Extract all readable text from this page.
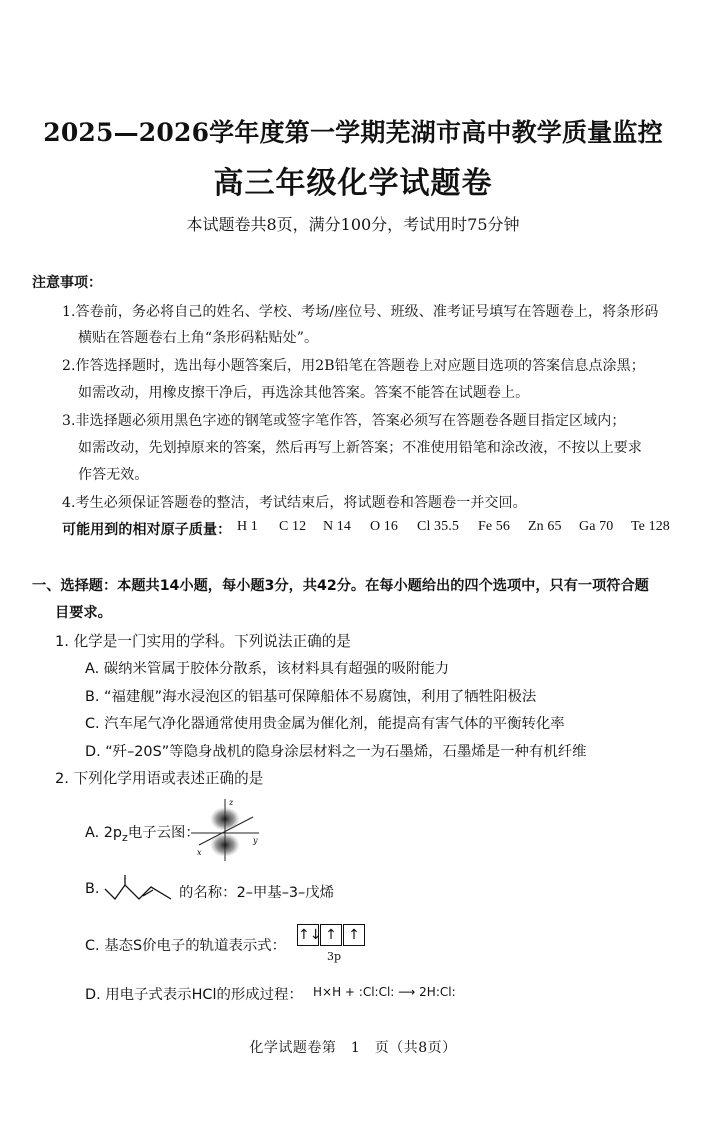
2025—2026学年度第一学期芜湖市高中教学质量监控
高三年级化学试题卷
本试题卷共8页，满分100分，考试用时75分钟
注意事项：
1.答卷前，务必将自己的姓名、学校、考场/座位号、班级、准考证号填写在答题卷上，将条形码
横贴在答题卷右上角“条形码粘贴处”。
2.作答选择题时，选出每小题答案后，用2B铅笔在答题卷上对应题目选项的答案信息点涂黑；
如需改动，用橡皮擦干净后，再选涂其他答案。答案不能答在试题卷上。
3.非选择题必须用黑色字迹的钢笔或签字笔作答，答案必须写在答题卷各题目指定区域内；
如需改动，先划掉原来的答案，然后再写上新答案；不准使用铅笔和涂改液，不按以上要求
作答无效。
4.考生必须保证答题卷的整洁，考试结束后，将试题卷和答题卷一并交回。
可能用到的相对原子质量： H 1 C 12 N 14 O 16 Cl 35.5 Fe 56 Zn 65 Ga 70 Te 128
一、选择题：本题共14小题，每小题3分，共42分。在每小题给出的四个选项中，只有一项符合题
目要求。
1. 化学是一门实用的学科。下列说法正确的是
A. 碳纳米管属于胶体分散系，该材料具有超强的吸附能力
B. “福建舰”海水浸泡区的铝基可保障船体不易腐蚀，利用了牺牲阳极法
C. 汽车尾气净化器通常使用贵金属为催化剂，能提高有害气体的平衡转化率
D. “歼–20S”等隐身战机的隐身涂层材料之一为石墨烯，石墨烯是一种有机纤维
2. 下列化学用语或表述正确的是
A. $2p_z$电子云图：
z
x
y
B.	的名称：2–甲基–3–戊烯
C. 基态S价电子的轨道表示式：
↑↓ ↑ ↑
3p
D. 用电子式表示HCl的形成过程： H×H + :Cl:Cl: ⟶ 2H:Cl:
化学试题卷第　1　页（共8页）
